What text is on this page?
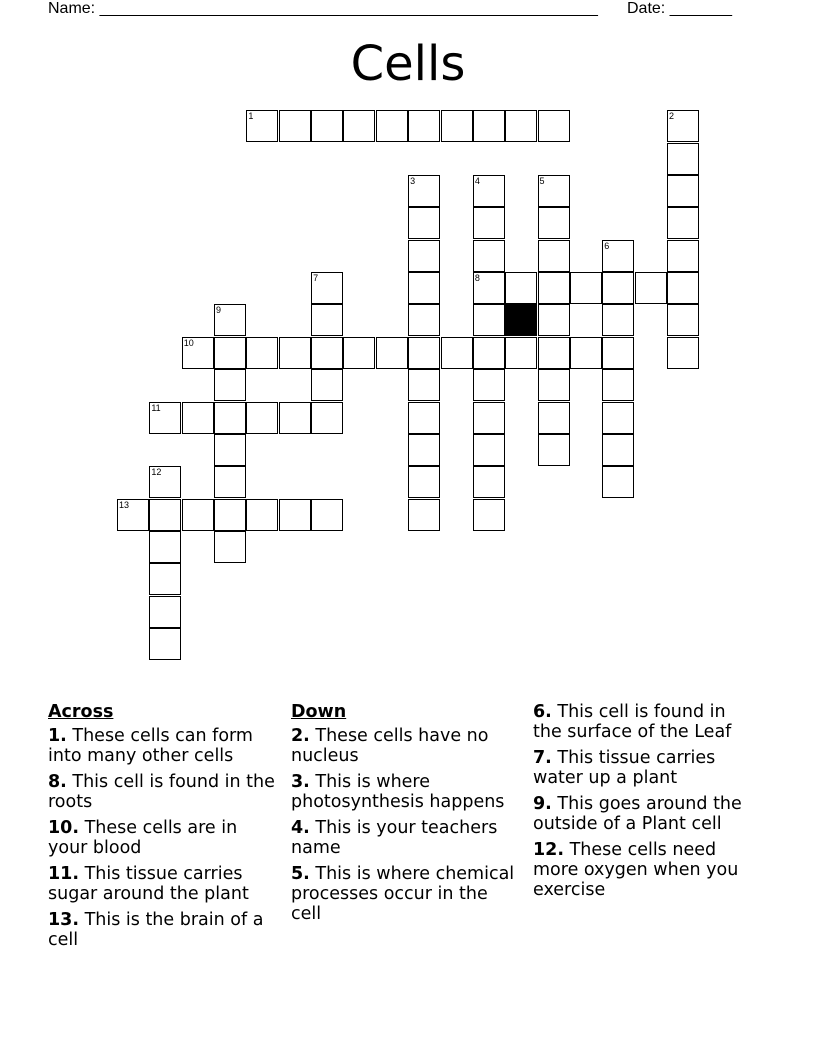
Name: ________________________________________________________ Date: _______
Cells
1	2
3	4	5
6
7	8
9
10
11
12
13
Across
1. These cells can form into many other cells
8. This cell is found in the roots
10. These cells are in your blood
11. This tissue carries sugar around the plant
13. This is the brain of a cell
Down
2. These cells have no nucleus
3. This is where photosynthesis happens
4. This is your teachers name
5. This is where chemical processes occur in the cell
6. This cell is found in the surface of the Leaf
7. This tissue carries water up a plant
9. This goes around the outside of a Plant cell
12. These cells need more oxygen when you exercise
